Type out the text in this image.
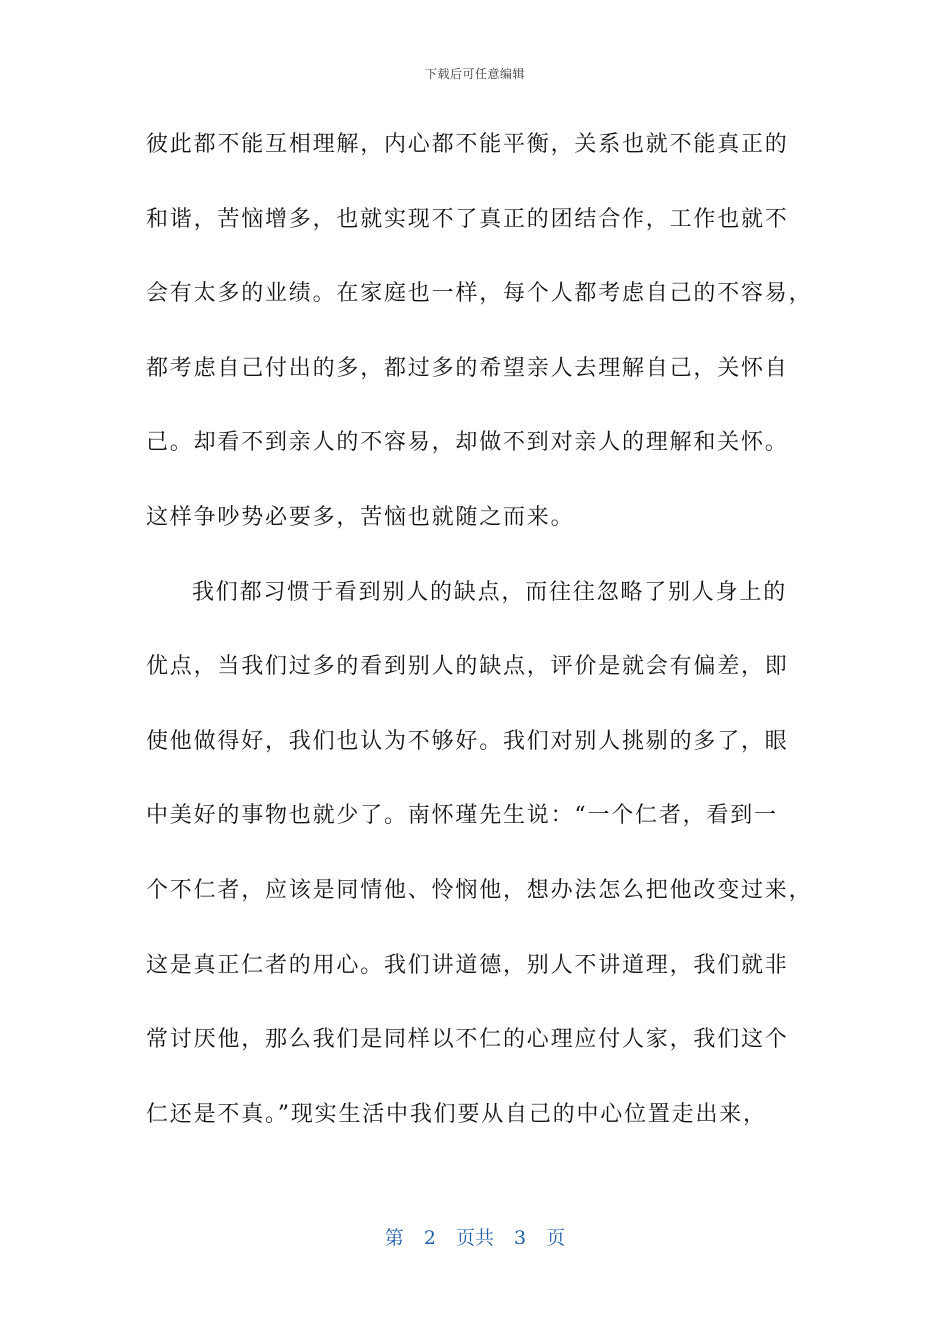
下载后可任意编辑
彼此都不能互相理解，内心都不能平衡，关系也就不能真正的
和谐，苦恼增多，也就实现不了真正的团结合作，工作也就不
会有太多的业绩。在家庭也一样，每个人都考虑自己的不容易，
都考虑自己付出的多，都过多的希望亲人去理解自己，关怀自
己。却看不到亲人的不容易，却做不到对亲人的理解和关怀。
这样争吵势必要多，苦恼也就随之而来。
我们都习惯于看到别人的缺点，而往往忽略了别人身上的
优点，当我们过多的看到别人的缺点，评价是就会有偏差，即
使他做得好，我们也认为不够好。我们对别人挑剔的多了，眼
中美好的事物也就少了。南怀瑾先生说：“一个仁者，看到一
个不仁者，应该是同情他、怜悯他，想办法怎么把他改变过来，
这是真正仁者的用心。我们讲道德，别人不讲道理，我们就非
常讨厌他，那么我们是同样以不仁的心理应付人家，我们这个
仁还是不真。”现实生活中我们要从自己的中心位置走出来，
第 2 页共 3 页
